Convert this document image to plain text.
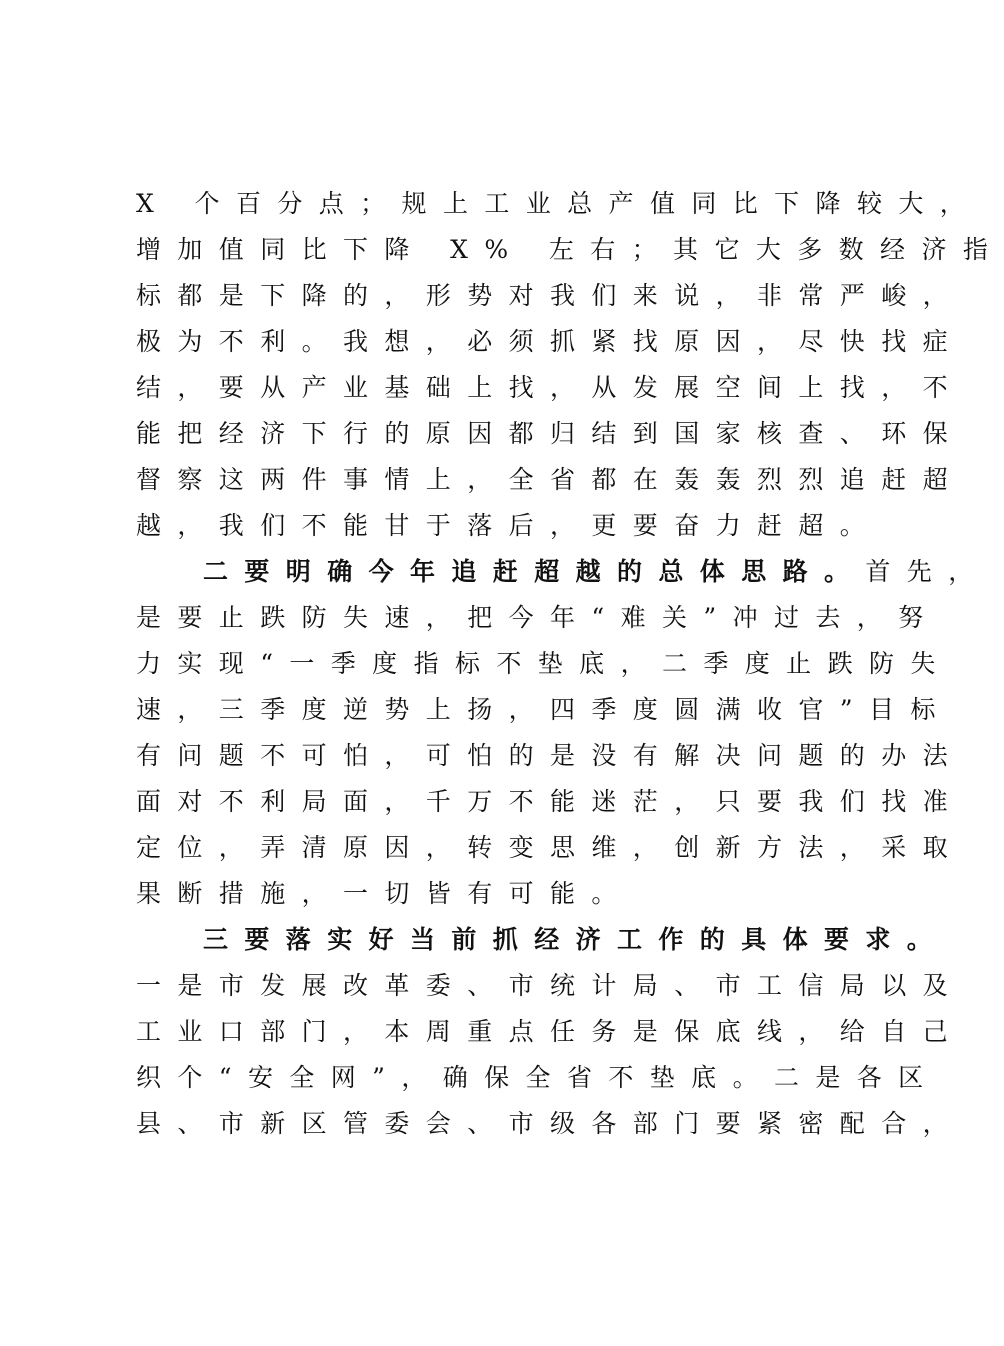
X 个百分点；规上工业总产值同比下降较大，
增加值同比下降 X% 左右；其它大多数经济指
标都是下降的，形势对我们来说，非常严峻，
极为不利。我想，必须抓紧找原因，尽快找症
结，要从产业基础上找，从发展空间上找，不
能把经济下行的原因都归结到国家核查、环保
督察这两件事情上，全省都在轰轰烈烈追赶超
越，我们不能甘于落后，更要奋力赶超。
二要明确今年追赶超越的总体思路。首先，
是要止跌防失速，把今年“难关”冲过去，努
力实现“一季度指标不垫底，二季度止跌防失
速，三季度逆势上扬，四季度圆满收官”目标
有问题不可怕，可怕的是没有解决问题的办法
面对不利局面，千万不能迷茫，只要我们找准
定位，弄清原因，转变思维，创新方法，采取
果断措施，一切皆有可能。
三要落实好当前抓经济工作的具体要求。
一是市发展改革委、市统计局、市工信局以及
工业口部门，本周重点任务是保底线，给自己
织个“安全网”，确保全省不垫底。二是各区
县、市新区管委会、市级各部门要紧密配合，
